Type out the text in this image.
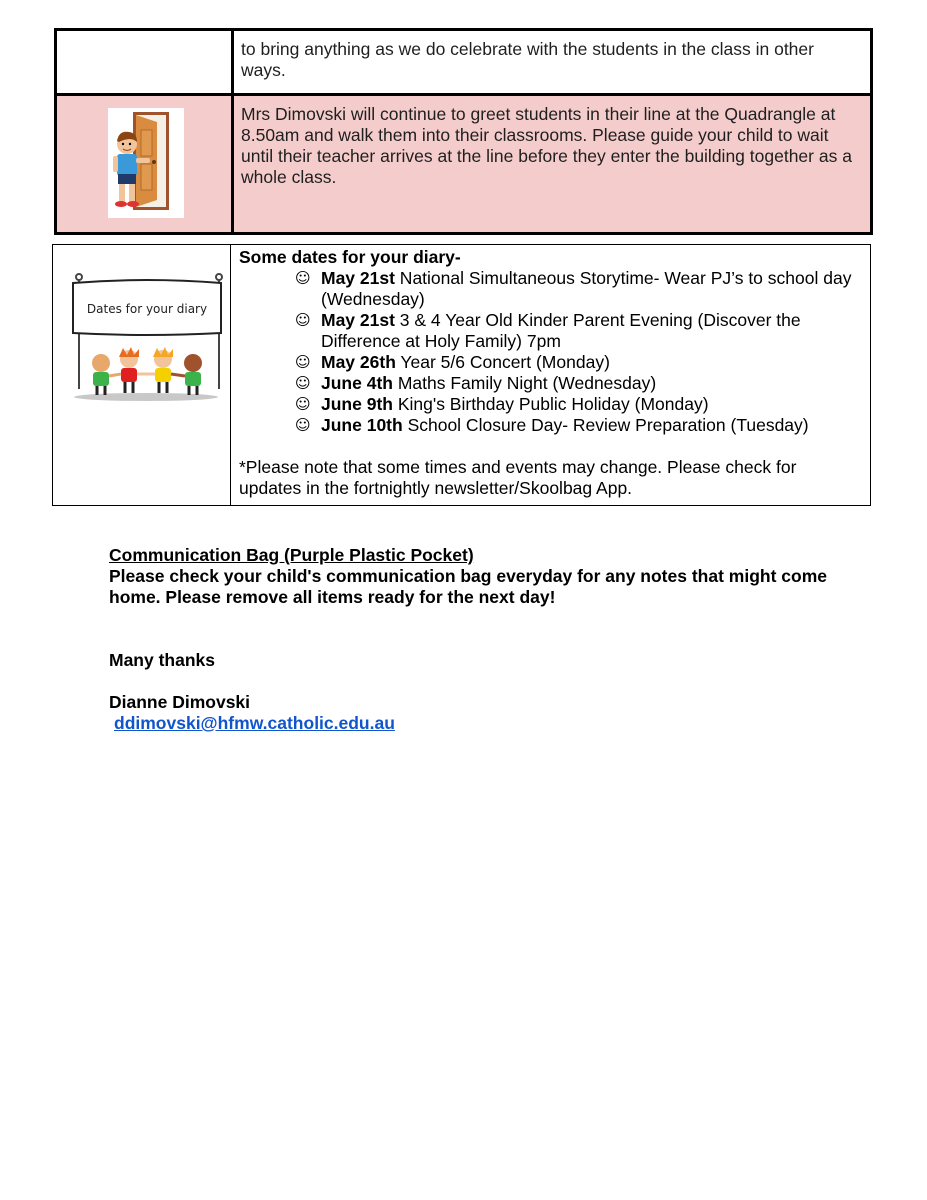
	to bring anything as we do celebrate with the students in the class in other ways.
	Mrs Dimovski will continue to greet students in their line at the Quadrangle at 8.50am and walk them into their classrooms. Please guide your child to wait until their teacher arrives at the line before they enter the building together as a whole class.
Dates for your diary

Some dates for your diary-
☺ May 21st National Simultaneous Storytime- Wear PJ’s to school day (Wednesday)
☺ May 21st 3 & 4 Year Old Kinder Parent Evening (Discover the Difference at Holy Family) 7pm
☺ May 26th Year 5/6 Concert (Monday)
☺ June 4th Maths Family Night (Wednesday)
☺ June 9th King's Birthday Public Holiday (Monday)
☺ June 10th School Closure Day- Review Preparation (Tuesday)
*Please note that some times and events may change. Please check for updates in the fortnightly newsletter/Skoolbag App.
Communication Bag (Purple Plastic Pocket)
Please check your child's communication bag everyday for any notes that might come home. Please remove all items ready for the next day!
Many thanks
Dianne Dimovski
ddimovski@hfmw.catholic.edu.au
